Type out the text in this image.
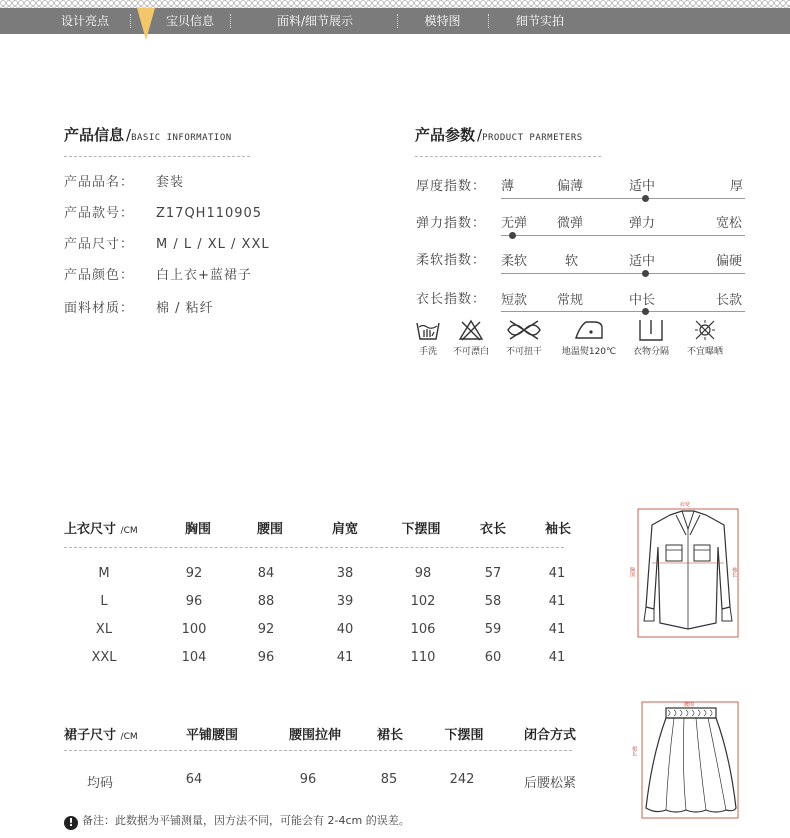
设计亮点	宝贝信息	面料/细节展示	模特图	细节实拍
产品信息 /BASIC INFORMATION
产品品名： 套装
产品款号： Z17QH110905
产品尺寸： M / L / XL / XXL
产品颜色： 白上衣+蓝裙子
面料材质： 棉 / 粘纤
产品参数 /PRODUCT PARMETERS
厚度指数： 薄	偏薄	适中	厚
弹力指数： 无弹 微弹	弹力	宽松
柔软指数： 柔软	软	适中	偏硬
衣长指数： 短款 常规	中长	长款
手洗	不可漂白	不可扭干	地温熨120℃	衣物分隔	不宜曝晒
上衣尺寸 /CM	胸围	腰围	肩宽	下摆围	衣长	袖长
M	92	84	38	98	57	41
L	96	88	39	102	58	41
XL	100	92	40	106	59	41
XXL	104	96	41	110	60	41
肩宽
胸围	袖长
裙子尺寸 /CM	平铺腰围	腰围拉伸	裙长	下摆围	闭合方式
均码	64	96	85	242	后腰松紧
腰围
裙长
! 备注：此数据为平铺测量，因方法不同，可能会有 2-4cm 的误差。
